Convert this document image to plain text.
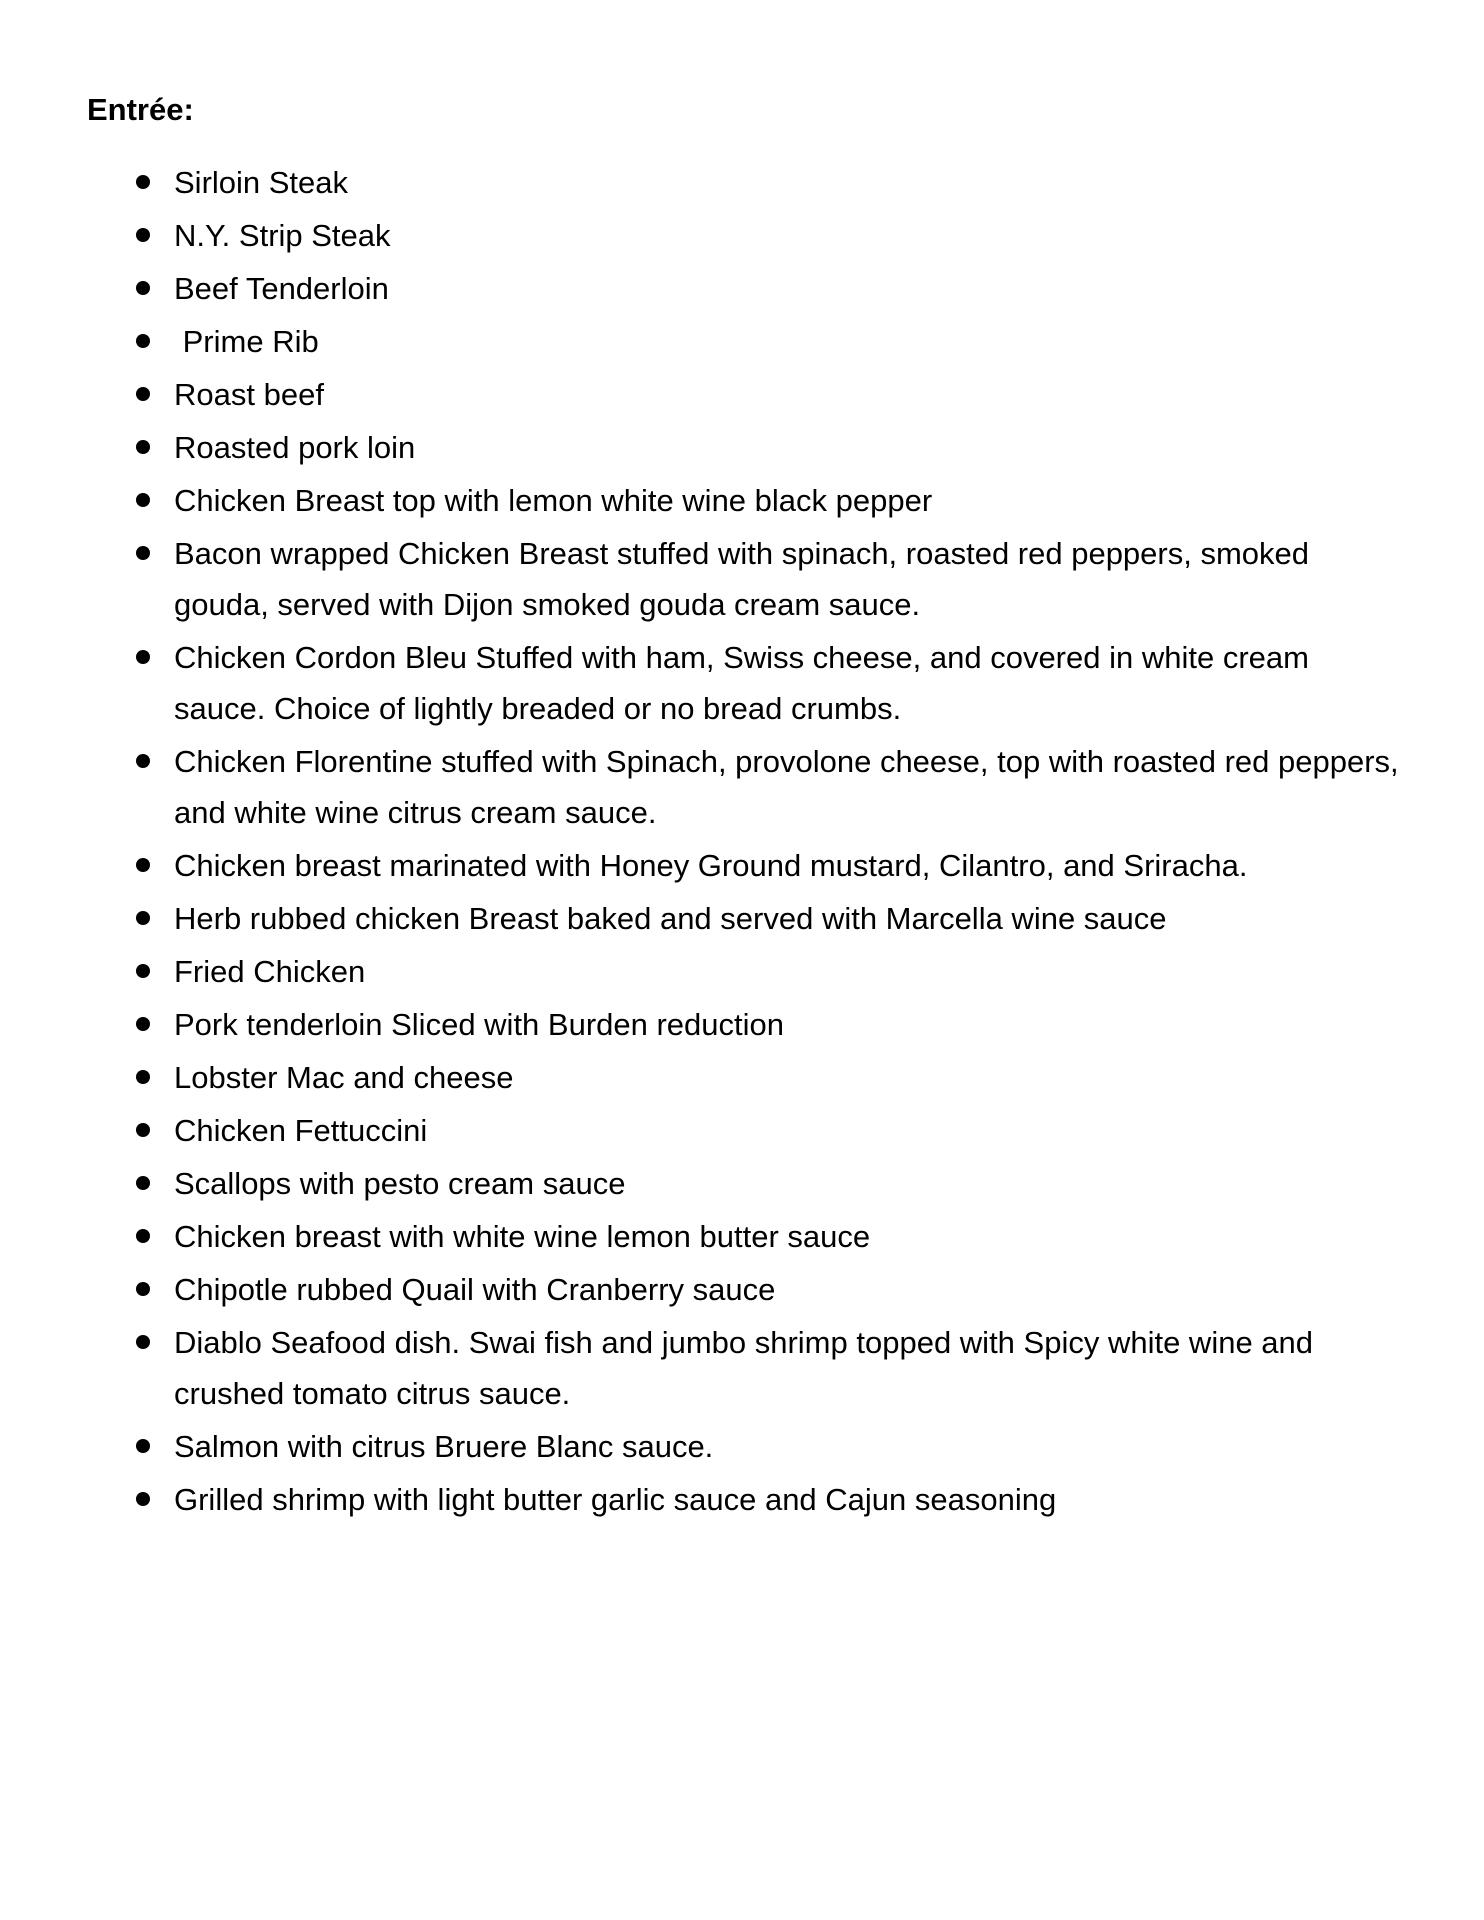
Entrée:
Sirloin Steak
N.Y. Strip Steak
Beef Tenderloin
Prime Rib
Roast beef
Roasted pork loin
Chicken Breast top with lemon white wine black pepper
Bacon wrapped Chicken Breast stuffed with spinach, roasted red peppers, smoked gouda, served with Dijon smoked gouda cream sauce.
Chicken Cordon Bleu Stuffed with ham, Swiss cheese, and covered in white cream sauce. Choice of lightly breaded or no bread crumbs.
Chicken Florentine stuffed with Spinach, provolone cheese, top with roasted red peppers, and white wine citrus cream sauce.
Chicken breast marinated with Honey Ground mustard, Cilantro, and Sriracha.
Herb rubbed chicken Breast baked and served with Marcella wine sauce
Fried Chicken
Pork tenderloin Sliced with Burden reduction
Lobster Mac and cheese
Chicken Fettuccini
Scallops with pesto cream sauce
Chicken breast with white wine lemon butter sauce
Chipotle rubbed Quail with Cranberry sauce
Diablo Seafood dish. Swai fish and jumbo shrimp topped with Spicy white wine and crushed tomato citrus sauce.
Salmon with citrus Bruere Blanc sauce.
Grilled shrimp with light butter garlic sauce and Cajun seasoning
